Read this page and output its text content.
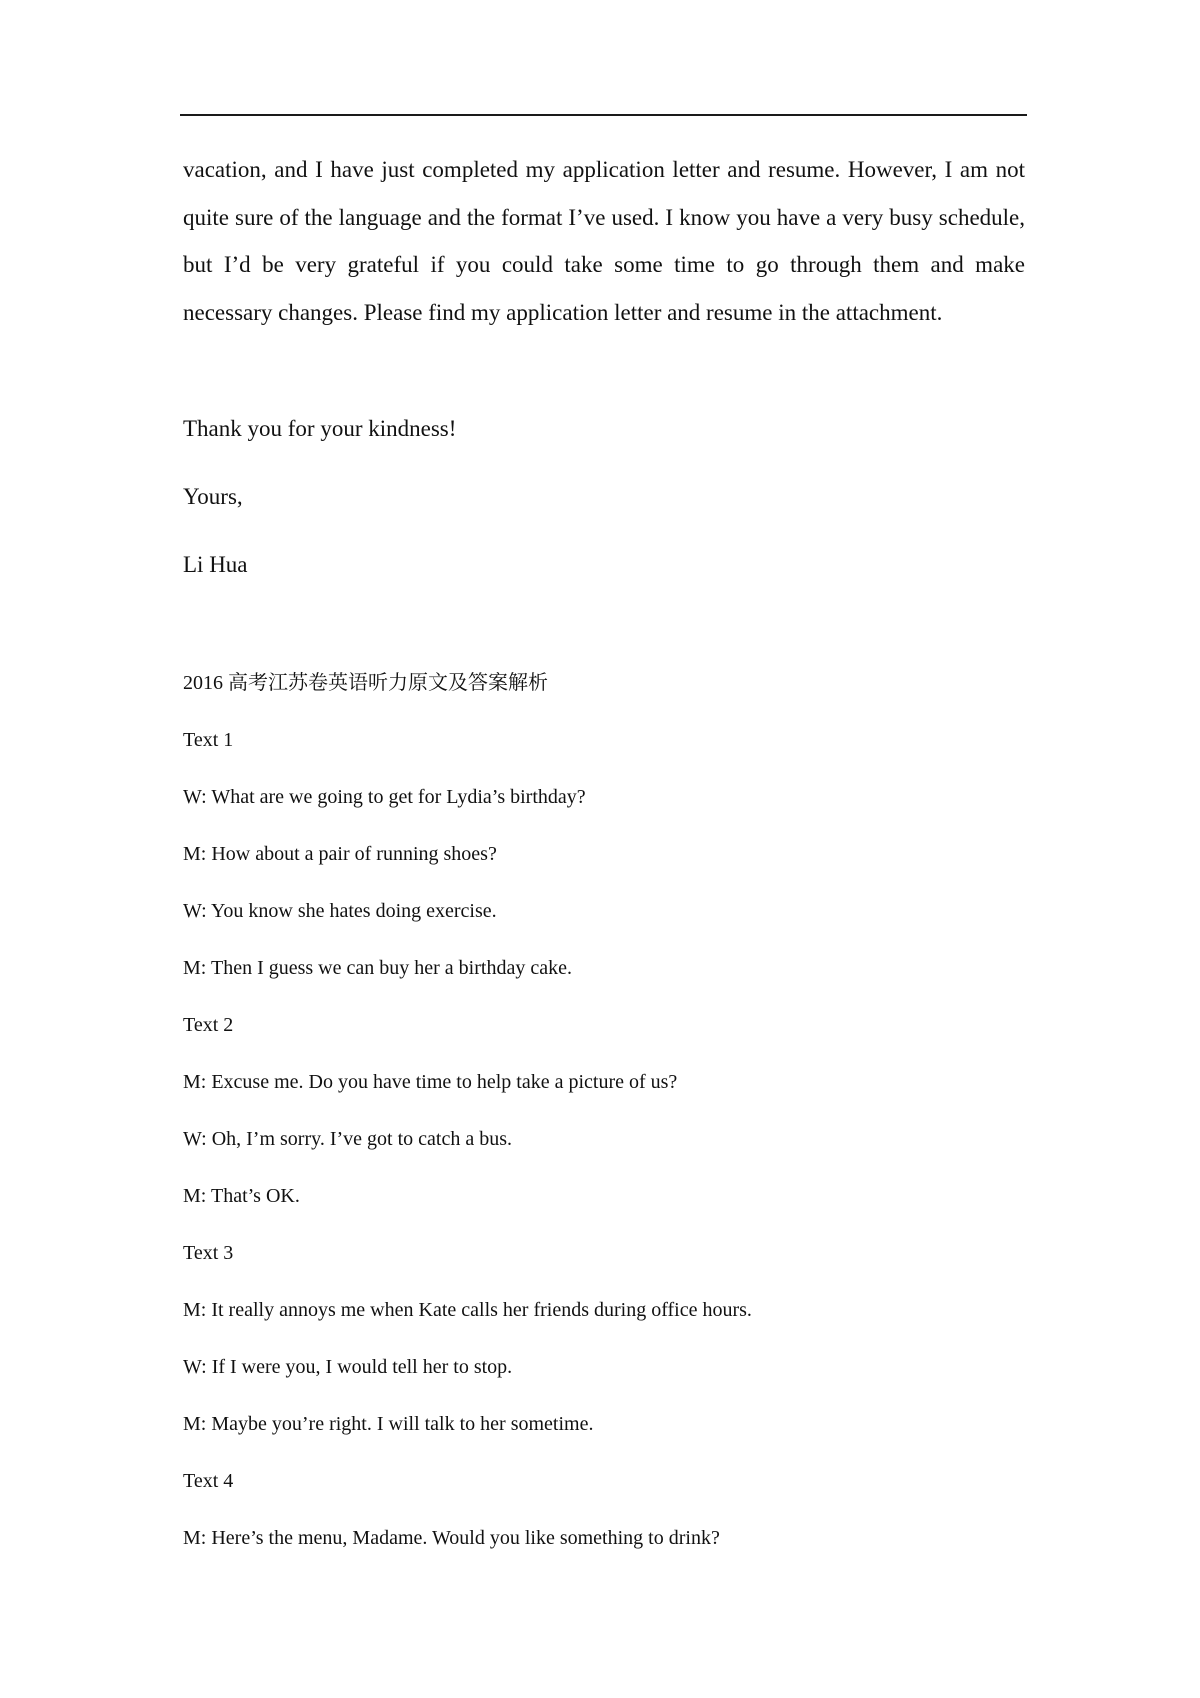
vacation, and I have just completed my application letter and resume. However, I am not quite sure of the language and the format I’ve used. I know you have a very busy schedule, but I’d be very grateful if you could take some time to go through them and make necessary changes. Please find my application letter and resume in the attachment.

Thank you for your kindness!

Yours,

Li Hua

2016 高考江苏卷英语听力原文及答案解析

Text 1

W: What are we going to get for Lydia’s birthday?

M: How about a pair of running shoes?

W: You know she hates doing exercise.

M: Then I guess we can buy her a birthday cake.

Text 2

M: Excuse me. Do you have time to help take a picture of us?

W: Oh, I’m sorry. I’ve got to catch a bus.

M: That’s OK.

Text 3

M: It really annoys me when Kate calls her friends during office hours.

W: If I were you, I would tell her to stop.

M: Maybe you’re right. I will talk to her sometime.

Text 4

M: Here’s the menu, Madame. Would you like something to drink?
